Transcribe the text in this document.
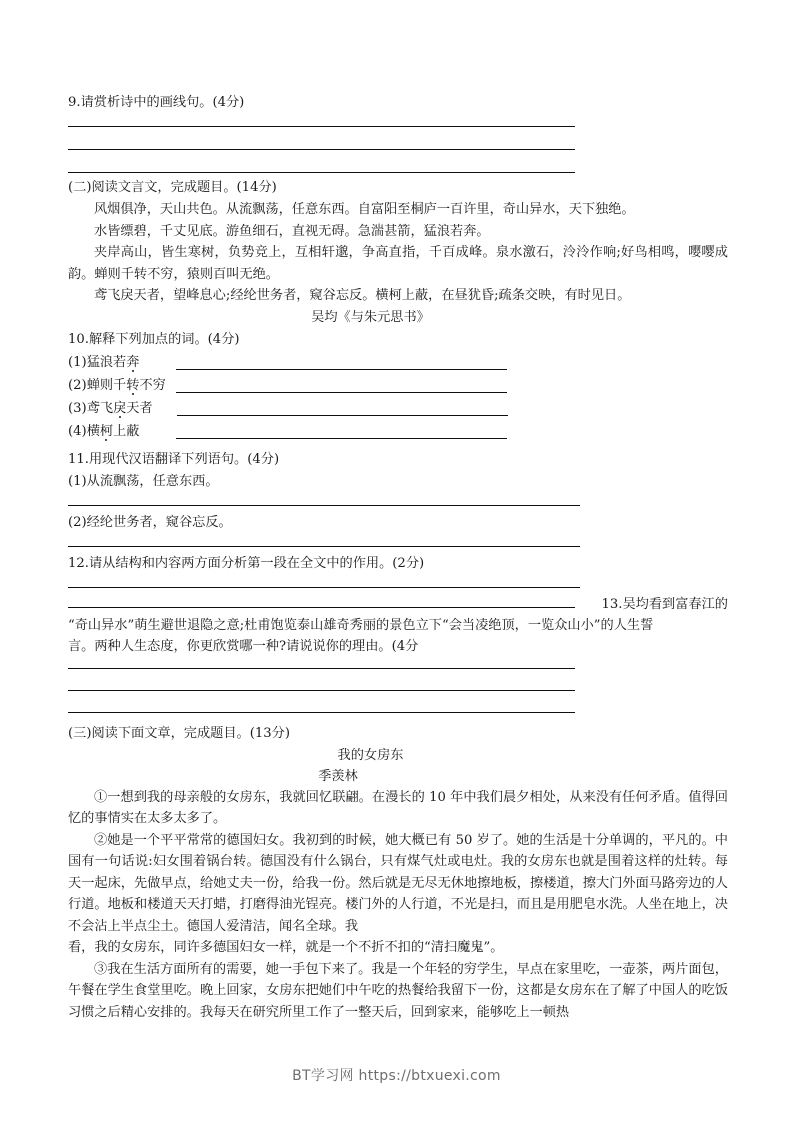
9.请赏析诗中的画线句。(4分)
(二)阅读文言文，完成题目。(14分)
风烟俱净，天山共色。从流飘荡，任意东西。自富阳至桐庐一百许里，奇山异水，天下独绝。
水皆缥碧，千丈见底。游鱼细石，直视无碍。急湍甚箭，猛浪若奔。
夹岸高山，皆生寒树，负势竞上，互相轩邈，争高直指，千百成峰。泉水激石，泠泠作响;好鸟相鸣，嘤嘤成韵。蝉则千转不穷，猿则百叫无绝。
鸢飞戾天者，望峰息心;经纶世务者，窥谷忘反。横柯上蔽，在昼犹昏;疏条交映，有时见日。
吴均《与朱元思书》
10.解释下列加点的词。(4分)
(1)猛浪若奔
(2)蝉则千转不穷
(3)鸢飞戾天者
(4)横柯上蔽
11.用现代汉语翻译下列语句。(4分)
(1)从流飘荡，任意东西。
(2)经纶世务者，窥谷忘反。
12.请从结构和内容两方面分析第一段在全文中的作用。(2分)
13.吴均看到富春江的
“奇山异水”萌生避世退隐之意;杜甫饱览泰山雄奇秀丽的景色立下“会当凌绝顶，一览众山小”的人生誓
言。两种人生态度，你更欣赏哪一种?请说说你的理由。(4分
(三)阅读下面文章，完成题目。(13分)
我的女房东
季羡林
①一想到我的母亲般的女房东，我就回忆联翩。在漫长的 10 年中我们晨夕相处，从来没有任何矛盾。值得回忆的事情实在太多太多了。
②她是一个平平常常的德国妇女。我初到的时候，她大概已有 50 岁了。她的生活是十分单调的，平凡的。中国有一句话说:妇女围着锅台转。德国没有什么锅台，只有煤气灶或电灶。我的女房东也就是围着这样的灶转。每天一起床，先做早点，给她丈夫一份，给我一份。然后就是无尽无休地擦地板，擦楼道，擦大门外面马路旁边的人行道。地板和楼道天天打蜡，打磨得油光锃亮。楼门外的人行道，不光是扫，而且是用肥皂水洗。人坐在地上，决不会沾上半点尘土。德国人爱清洁，闻名全球。我
看，我的女房东，同许多德国妇女一样，就是一个不折不扣的“清扫魔鬼”。
③我在生活方面所有的需要，她一手包下来了。我是一个年轻的穷学生，早点在家里吃，一壶茶，两片面包，午餐在学生食堂里吃。晚上回家，女房东把她们中午吃的热餐给我留下一份，这都是女房东在了解了中国人的吃饭习惯之后精心安排的。我每天在研究所里工作了一整天后，回到家来，能够吃上一顿热
BT学习网 https://btxuexi.com
